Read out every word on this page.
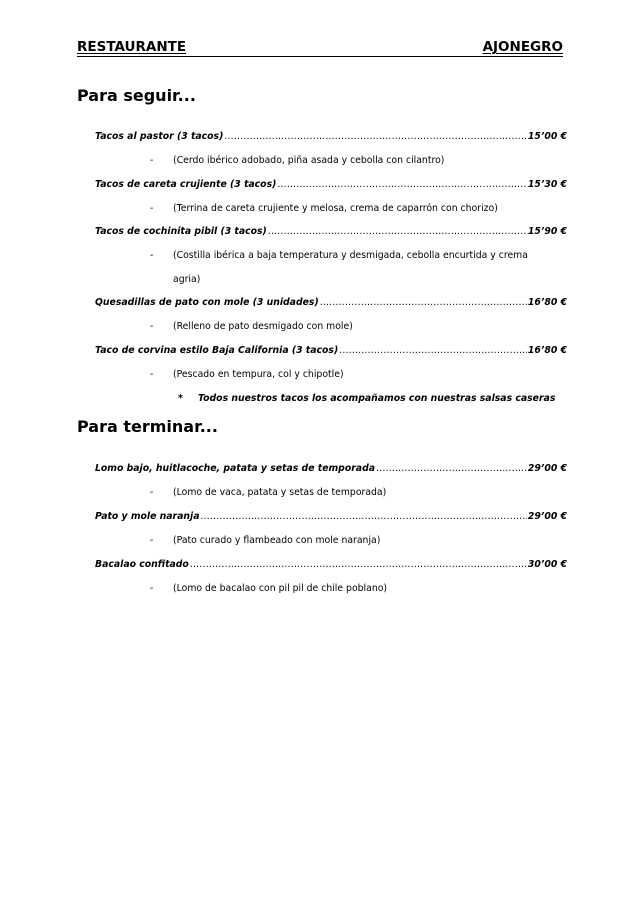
RESTAURANTE	AJONEGRO
Para seguir...
Tacos al pastor (3 tacos) .....	15’00 €
-	(Cerdo ibérico adobado, piña asada y cebolla con cilantro)
Tacos de careta crujiente (3 tacos) .....	15’30 €
-	(Terrina de careta crujiente y melosa, crema de caparrón con chorizo)
Tacos de cochinita pibil (3 tacos) .....	15’90 €
-	(Costilla ibérica a baja temperatura y desmigada, cebolla encurtida y crema agria)
Quesadillas de pato con mole (3 unidades) .....	16’80 €
-	(Relleno de pato desmigado con mole)
Taco de corvina estilo Baja California (3 tacos) .....	16’80 €
-	(Pescado en tempura, col y chipotle)
* Todos nuestros tacos los acompañamos con nuestras salsas caseras
Para terminar...
Lomo bajo, huitlacoche, patata y setas de temporada .....	29’00 €
-	(Lomo de vaca, patata y setas de temporada)
Pato y mole naranja .....	29’00 €
-	(Pato curado y flambeado con mole naranja)
Bacalao confitado .....	30’00 €
-	(Lomo de bacalao con pil pil de chile poblano)
